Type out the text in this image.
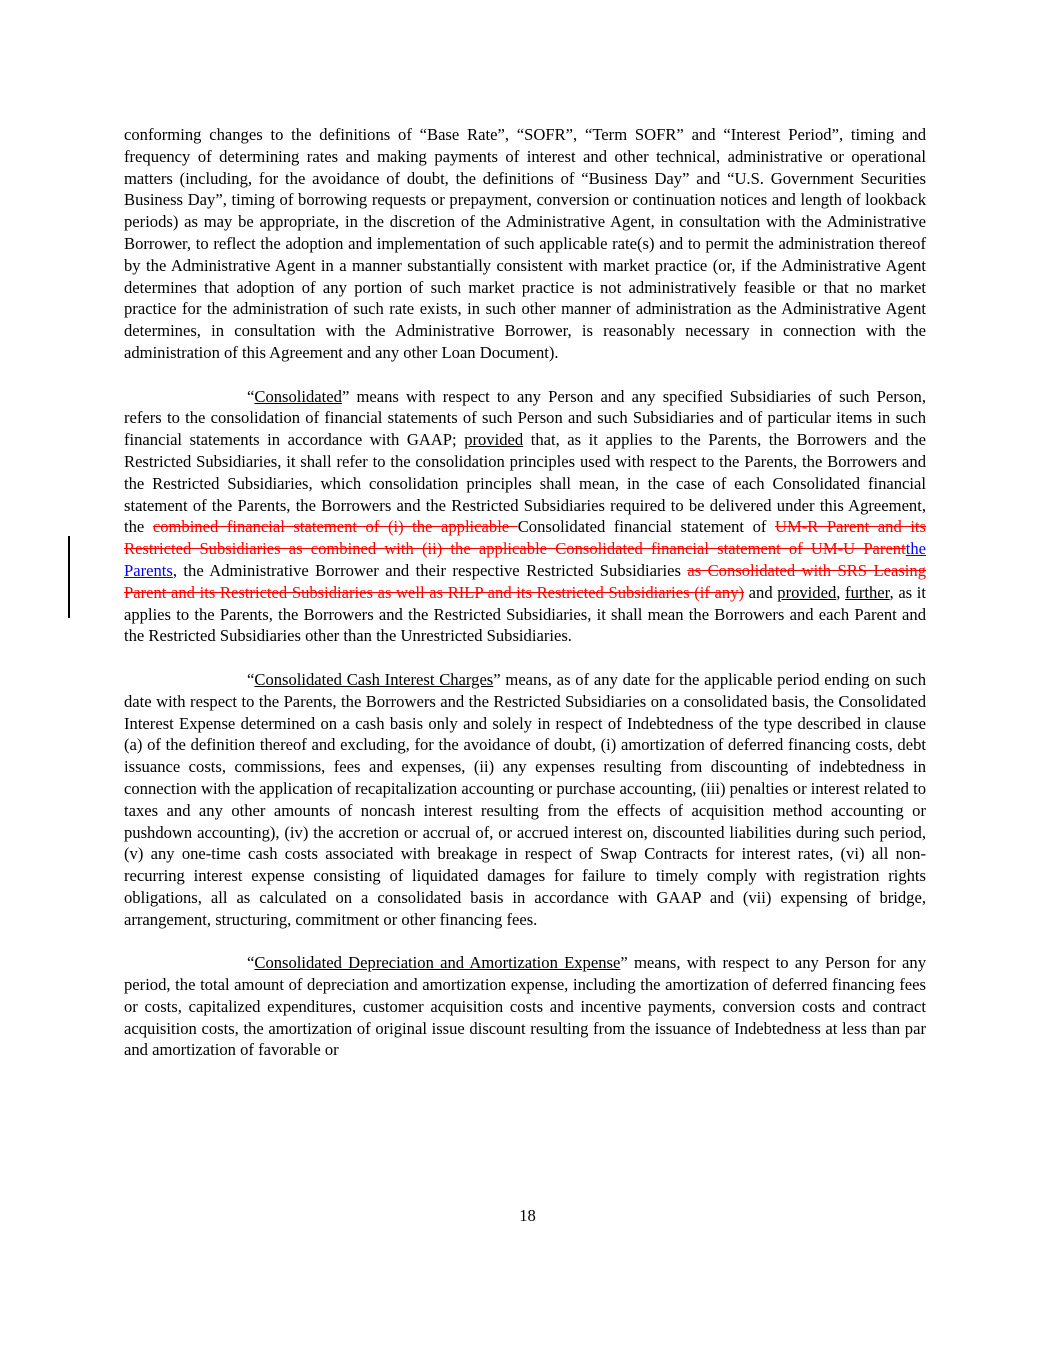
conforming changes to the definitions of “Base Rate”, “SOFR”, “Term SOFR” and “Interest Period”, timing and frequency of determining rates and making payments of interest and other technical, administrative or operational matters (including, for the avoidance of doubt, the definitions of “Business Day” and “U.S. Government Securities Business Day”, timing of borrowing requests or prepayment, conversion or continuation notices and length of lookback periods) as may be appropriate, in the discretion of the Administrative Agent, in consultation with the Administrative Borrower, to reflect the adoption and implementation of such applicable rate(s) and to permit the administration thereof by the Administrative Agent in a manner substantially consistent with market practice (or, if the Administrative Agent determines that adoption of any portion of such market practice is not administratively feasible or that no market practice for the administration of such rate exists, in such other manner of administration as the Administrative Agent determines, in consultation with the Administrative Borrower, is reasonably necessary in connection with the administration of this Agreement and any other Loan Document).

“Consolidated” means with respect to any Person and any specified Subsidiaries of such Person, refers to the consolidation of financial statements of such Person and such Subsidiaries and of particular items in such financial statements in accordance with GAAP; provided that, as it applies to the Parents, the Borrowers and the Restricted Subsidiaries, it shall refer to the consolidation principles used with respect to the Parents, the Borrowers and the Restricted Subsidiaries, which consolidation principles shall mean, in the case of each Consolidated financial statement of the Parents, the Borrowers and the Restricted Subsidiaries required to be delivered under this Agreement, the combined financial statement of (i) the applicable Consolidated financial statement of UM-R Parent and its Restricted Subsidiaries as combined with (ii) the applicable Consolidated financial statement of UM-U Parentthe Parents, the Administrative Borrower and their respective Restricted Subsidiaries as Consolidated with SRS Leasing Parent and its Restricted Subsidiaries as well as RILP and its Restricted Subsidiaries (if any) and provided, further, as it applies to the Parents, the Borrowers and the Restricted Subsidiaries, it shall mean the Borrowers and each Parent and the Restricted Subsidiaries other than the Unrestricted Subsidiaries.

“Consolidated Cash Interest Charges” means, as of any date for the applicable period ending on such date with respect to the Parents, the Borrowers and the Restricted Subsidiaries on a consolidated basis, the Consolidated Interest Expense determined on a cash basis only and solely in respect of Indebtedness of the type described in clause (a) of the definition thereof and excluding, for the avoidance of doubt, (i) amortization of deferred financing costs, debt issuance costs, commissions, fees and expenses, (ii) any expenses resulting from discounting of indebtedness in connection with the application of recapitalization accounting or purchase accounting, (iii) penalties or interest related to taxes and any other amounts of noncash interest resulting from the effects of acquisition method accounting or pushdown accounting), (iv) the accretion or accrual of, or accrued interest on, discounted liabilities during such period, (v) any one-time cash costs associated with breakage in respect of Swap Contracts for interest rates, (vi) all non-recurring interest expense consisting of liquidated damages for failure to timely comply with registration rights obligations, all as calculated on a consolidated basis in accordance with GAAP and (vii) expensing of bridge, arrangement, structuring, commitment or other financing fees.

“Consolidated Depreciation and Amortization Expense” means, with respect to any Person for any period, the total amount of depreciation and amortization expense, including the amortization of deferred financing fees or costs, capitalized expenditures, customer acquisition costs and incentive payments, conversion costs and contract acquisition costs, the amortization of original issue discount resulting from the issuance of Indebtedness at less than par and amortization of favorable or

18
